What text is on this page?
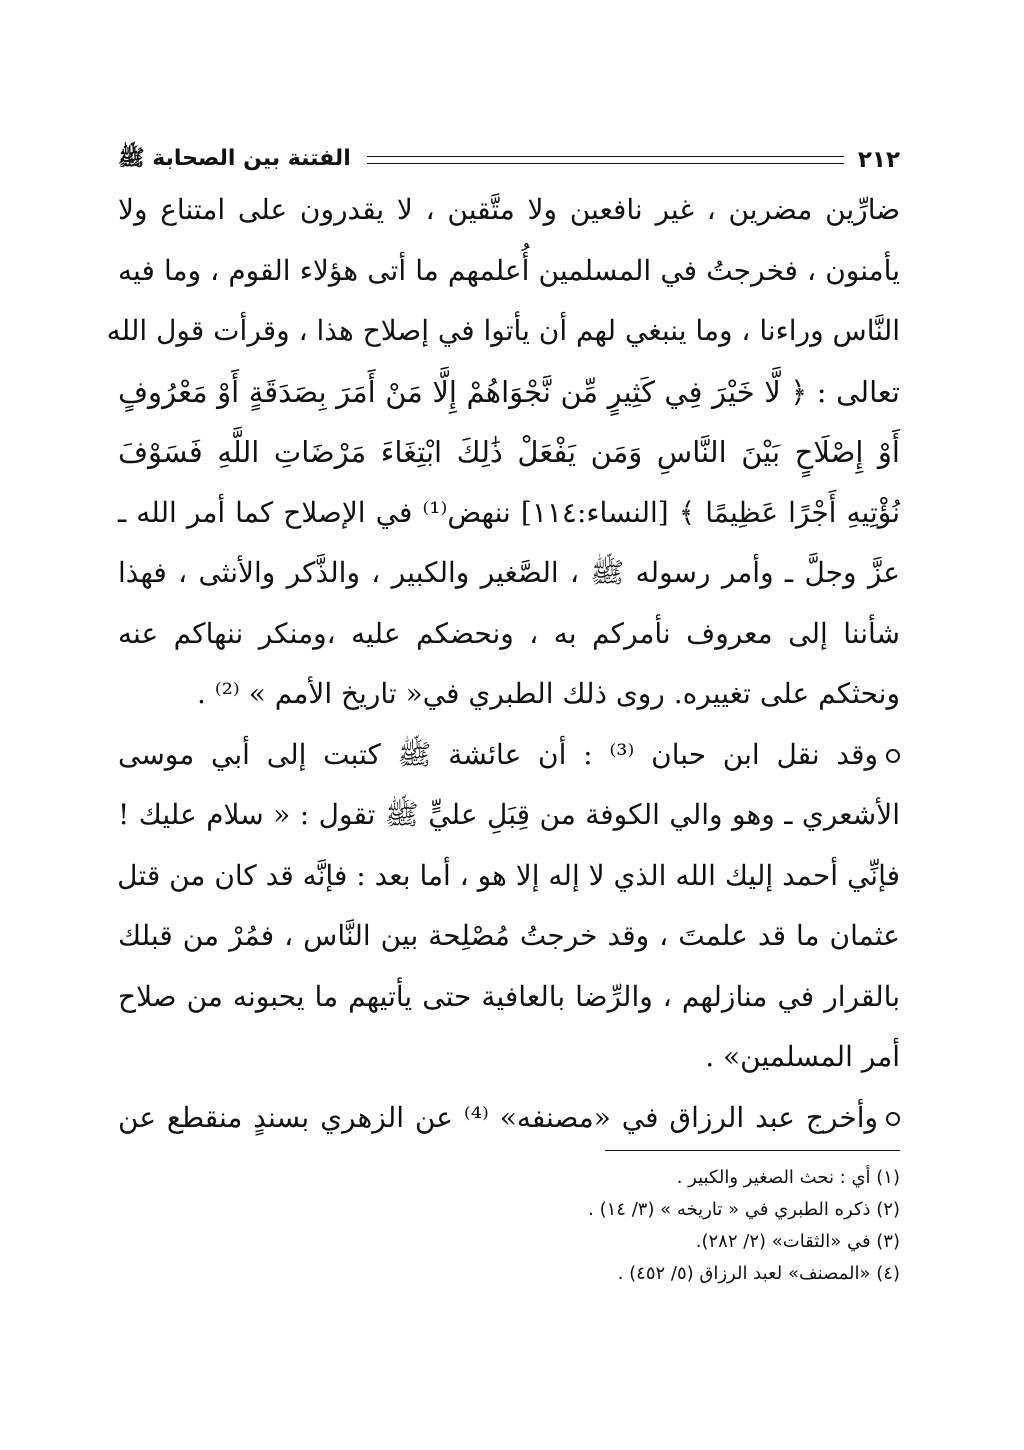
٢١٢
الفتنة بين الصحابة ﷺ
ضارِّين مضرين ، غير نافعين ولا متَّقين ، لا يقدرون على امتناع ولا
يأمنون ، فخرجتُ في المسلمين أُعلمهم ما أتى هؤلاء القوم ، وما فيه
النَّاس وراءنا ، وما ينبغي لهم أن يأتوا في إصلاح هذا ، وقرأت قول الله
تعالى : ﴿ لَّا خَيْرَ فِي كَثِيرٍ مِّن نَّجْوَاهُمْ إِلَّا مَنْ أَمَرَ بِصَدَقَةٍ أَوْ مَعْرُوفٍ
أَوْ إِصْلَاحٍ بَيْنَ النَّاسِ وَمَن يَفْعَلْ ذَٰلِكَ ابْتِغَاءَ مَرْضَاتِ اللَّهِ فَسَوْفَ
نُؤْتِيهِ أَجْرًا عَظِيمًا ﴾ [النساء:١١٤] ننهض⁽¹⁾ في الإصلاح كما أمر الله ـ
عزَّ وجلَّ ـ وأمر رسوله ﷺ ، الصَّغير والكبير ، والذَّكر والأنثى ، فهذا
شأننا إلى معروف نأمركم به ، ونحضكم عليه ،ومنكر ننهاكم عنه
ونحثكم على تغييره. روى ذلك الطبري في« تاريخ الأمم » ⁽²⁾ .
وقد نقل ابن حبان ⁽³⁾ : أن عائشة ﷺ كتبت إلى أبي موسى
الأشعري ـ وهو والي الكوفة من قِبَلِ عليٍّ ﷺ تقول : « سلام عليك !
فإنِّي أحمد إليك الله الذي لا إله إلا هو ، أما بعد : فإنَّه قد كان من قتل
عثمان ما قد علمتَ ، وقد خرجتُ مُصْلِحة بين النَّاس ، فمُرْ من قبلك
بالقرار في منازلهم ، والرِّضا بالعافية حتى يأتيهم ما يحبونه من صلاح
أمر المسلمين» .
وأخرج عبد الرزاق في «مصنفه» ⁽⁴⁾ عن الزهري بسندٍ منقطع عن
(١) أي : نحث الصغير والكبير .
(٢) ذكره الطبري في « تاريخه » (٣/ ١٤) .
(٣) في «الثقات» (٢/ ٢٨٢).
(٤) «المصنف» لعبد الرزاق (٥/ ٤٥٢) .
